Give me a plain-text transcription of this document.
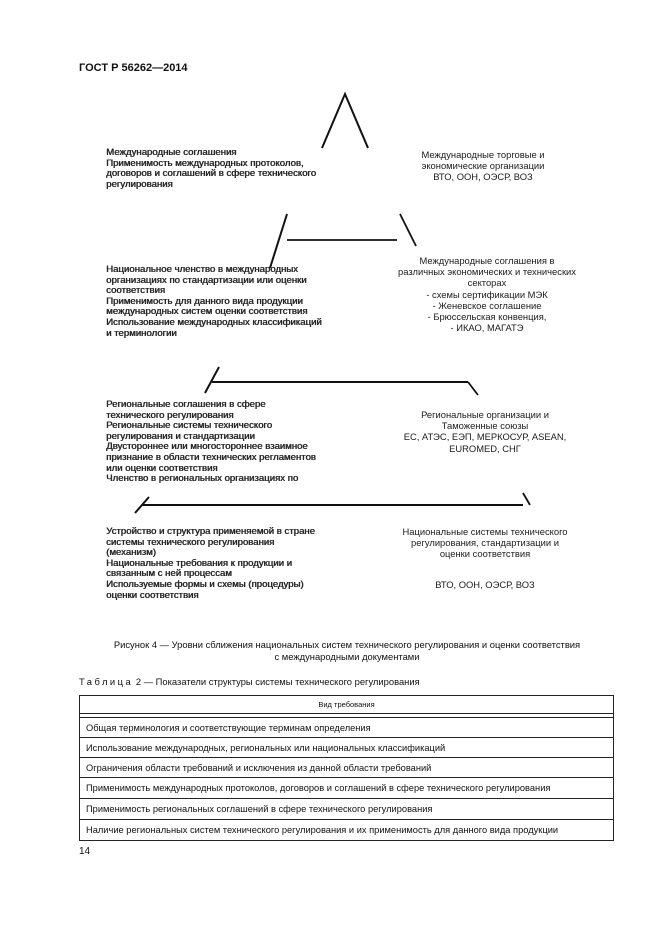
ГОСТ Р 56262—2014
Международные соглашения
Применимость международных протоколов,
договоров и соглашений в сфере технического
регулирования
Международные торговые и
экономические организации
ВТО, ООН, ОЭСР, ВОЗ
Национальное членство в международных
организациях по стандартизации или оценки
соответствия
Применимость для данного вида продукции
международных систем оценки соответствия
Использование международных классификаций
и терминологии
Международные соглашения в
различных экономических и технических
секторах
- схемы сертификации МЭК
- Женевское соглашение
- Брюссельская конвенция,
- ИКАО, МАГАТЭ
Региональные соглашения в сфере
технического регулирования
Региональные системы технического
регулирования и стандартизации
Двустороннее или многостороннее взаимное
признание в области технических регламентов
или оценки соответствия
Членство в региональных организациях по
Региональные организации и
Таможенные союзы
ЕС, АТЭС, ЕЭП, МЕРКОСУР, ASEAN,
EUROMED, СНГ
Устройство и структура применяемой в стране
системы технического регулирования
(механизм)
Национальные требования к продукции и
связанным с ней процессам
Используемые формы и схемы (процедуры)
оценки соответствия
Национальные системы технического
регулирования, стандартизации и
оценки соответствия
ВТО, ООН, ОЭСР, ВОЗ
Рисунок 4 — Уровни сближения национальных систем технического регулирования и оценки соответствия
с международными документами
Таблица 2 — Показатели структуры системы технического регулирования
Вид требования

Общая терминология и соответствующие терминам определения
Использование международных, региональных или национальных классификаций
Ограничения области требований и исключения из данной области требований
Применимость международных протоколов, договоров и соглашений в сфере технического регулирования
Применимость региональных соглашений в сфере технического регулирования
Наличие региональных систем технического регулирования и их применимость для данного вида продукции
14
